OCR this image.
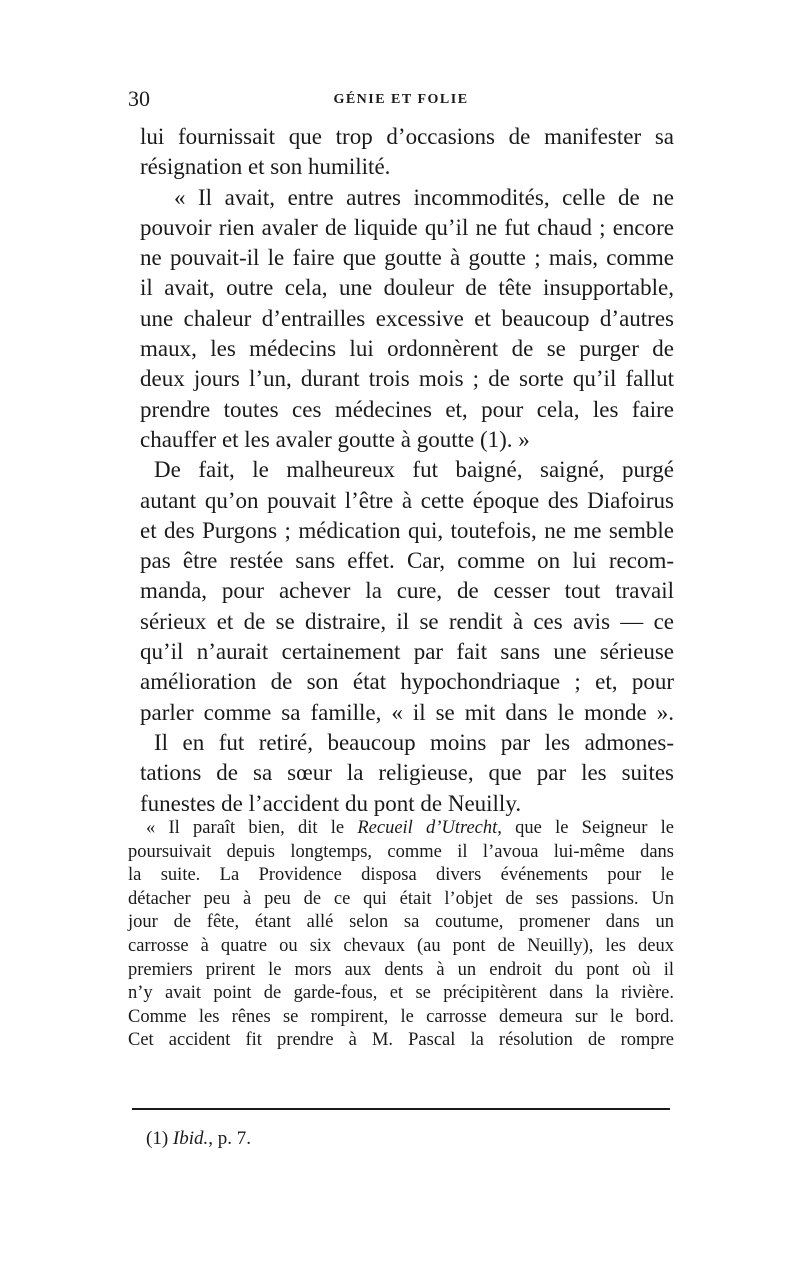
30	GÉNIE ET FOLIE
lui fournissait que trop d’occasions de manifester sa
résignation et son humilité.
« Il avait, entre autres incommodités, celle de ne
pouvoir rien avaler de liquide qu’il ne fut chaud ; encore
ne pouvait-il le faire que goutte à goutte ; mais, comme
il avait, outre cela, une douleur de tête insupportable,
une chaleur d’entrailles excessive et beaucoup d’autres
maux, les médecins lui ordonnèrent de se purger de
deux jours l’un, durant trois mois ; de sorte qu’il fallut
prendre toutes ces médecines et, pour cela, les faire
chauffer et les avaler goutte à goutte (1). »
De fait, le malheureux fut baigné, saigné, purgé
autant qu’on pouvait l’être à cette époque des Diafoirus
et des Purgons ; médication qui, toutefois, ne me semble
pas être restée sans effet. Car, comme on lui recom-
manda, pour achever la cure, de cesser tout travail
sérieux et de se distraire, il se rendit à ces avis — ce
qu’il n’aurait certainement par fait sans une sérieuse
amélioration de son état hypochondriaque ; et, pour
parler comme sa famille, « il se mit dans le monde ».
Il en fut retiré, beaucoup moins par les admones-
tations de sa sœur la religieuse, que par les suites
funestes de l’accident du pont de Neuilly.
« Il paraît bien, dit le Recueil d’Utrecht, que le Seigneur le
poursuivait depuis longtemps, comme il l’avoua lui-même dans
la suite. La Providence disposa divers événements pour le
détacher peu à peu de ce qui était l’objet de ses passions. Un
jour de fête, étant allé selon sa coutume, promener dans un
carrosse à quatre ou six chevaux (au pont de Neuilly), les deux
premiers prirent le mors aux dents à un endroit du pont où il
n’y avait point de garde-fous, et se précipitèrent dans la rivière.
Comme les rênes se rompirent, le carrosse demeura sur le bord.
Cet accident fit prendre à M. Pascal la résolution de rompre
(1) Ibid., p. 7.
